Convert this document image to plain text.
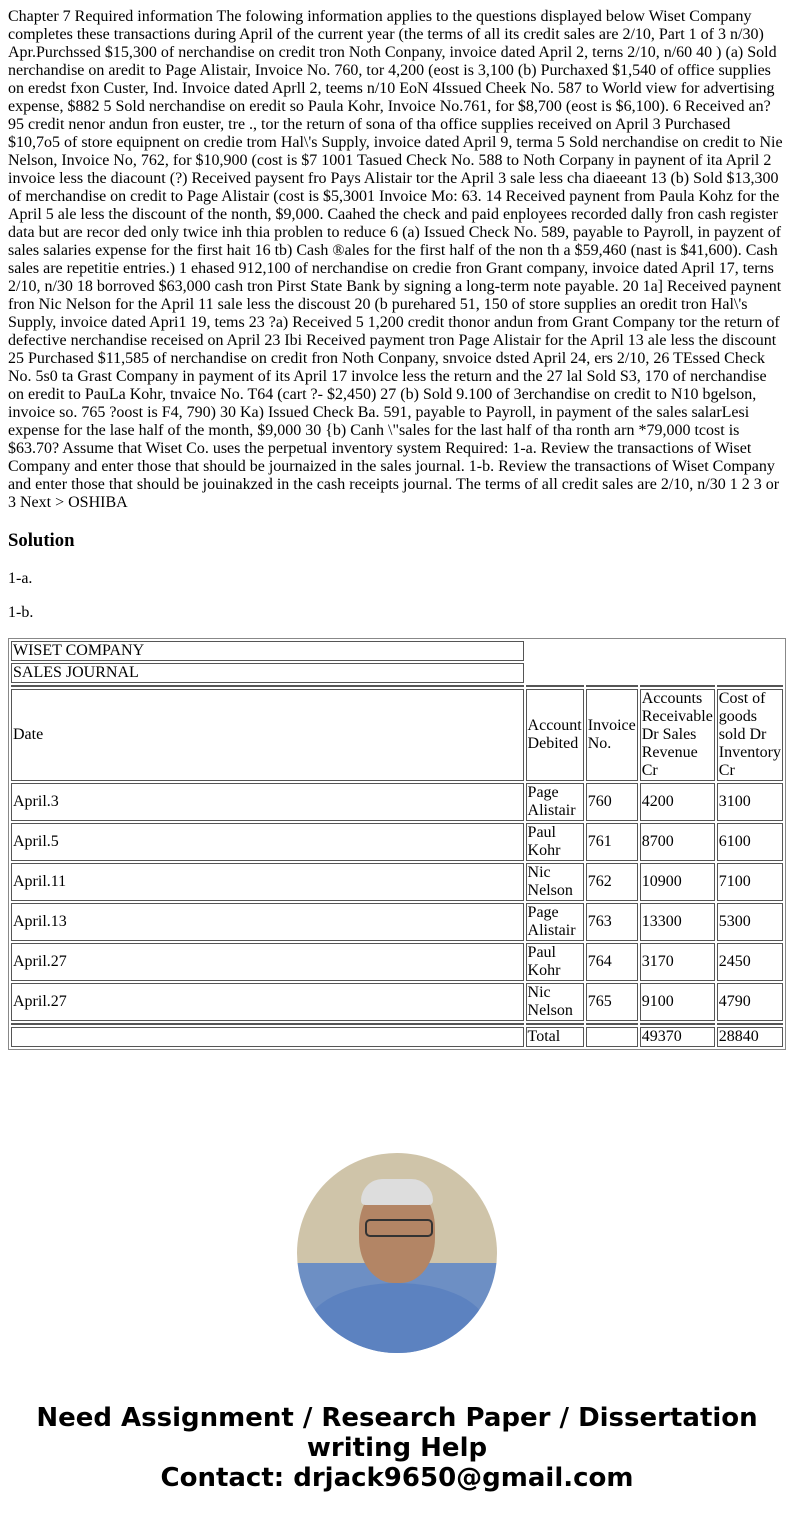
Chapter 7 Required information The folowing information applies to the questions displayed below Wiset Company completes these transactions during April of the current year (the terms of all its credit sales are 2/10, Part 1 of 3 n/30) Apr.Purchssed $15,300 of nerchandise on credit tron Noth Conpany, invoice dated April 2, terns 2/10, n/60 40 ) (a) Sold nerchandise on aredit to Page Alistair, Invoice No. 760, tor 4,200 (eost is 3,100 (b) Purchaxed $1,540 of office supplies on eredst fxon Custer, Ind. Invoice dated Aprll 2, teems n/10 EoN 4Issued Cheek No. 587 to World view for advertising expense, $882 5 Sold nerchandise on eredit so Paula Kohr, Invoice No.761, for $8,700 (eost is $6,100). 6 Received an? 95 credit nenor andun fron euster, tre ., tor the return of sona of tha office supplies received on April 3 Purchased $10,7o5 of store equipnent on credie trom Hal\'s Supply, invoice dated April 9, terma 5 Sold nerchandise on credit to Nie Nelson, Invoice No, 762, for $10,900 (cost is $7 1001 Tasued Check No. 588 to Noth Corpany in paynent of ita April 2 invoice less the diacount (?) Received paysent fro Pays Alistair tor the April 3 sale less cha diaeeant 13 (b) Sold $13,300 of merchandise on credit to Page Alistair (cost is $5,3001 Invoice Mo: 63. 14 Received paynent from Paula Kohz for the April 5 ale less the discount of the nonth, $9,000. Caahed the check and paid enployees recorded dally fron cash register data but are recor ded only twice inh thia problen to reduce 6 (a) Issued Check No. 589, payable to Payroll, in payzent of sales salaries expense for the first hait 16 tb) Cash ®ales for the first half of the non th a $59,460 (nast is $41,600). Cash sales are repetitie entries.) 1 ehased 912,100 of nerchandise on credie fron Grant company, invoice dated April 17, terns 2/10, n/30 18 borroved $63,000 cash tron Pirst State Bank by signing a long-term note payable. 20 1a] Received paynent fron Nic Nelson for the April 11 sale less the discoust 20 (b purehared 51, 150 of store supplies an oredit tron Hal\'s Supply, invoice dated Apri1 19, tems 23 ?a) Received 5 1,200 credit thonor andun from Grant Company tor the return of defective nerchandise receised on April 23 Ibi Received payment tron Page Alistair for the April 13 ale less the discount 25 Purchased $11,585 of nerchandise on credit fron Noth Conpany, snvoice dsted April 24, ers 2/10, 26 TEssed Check No. 5s0 ta Grast Company in payment of its April 17 involce less the return and the 27 lal Sold S3, 170 of nerchandise on eredit to PauLa Kohr, tnvaice No. T64 (cart ?- $2,450) 27 (b) Sold 9.100 of 3erchandise on credit to N10 bgelson, invoice so. 765 ?oost is F4, 790) 30 Ka) Issued Check Ba. 591, payable to Payroll, in payment of the sales salarLesi expense for the lase half of the month, $9,000 30 {b) Canh \"sales for the last half of tha ronth arn *79,000 tcost is $63.70? Assume that Wiset Co. uses the perpetual inventory system Required: 1-a. Review the transactions of Wiset Company and enter those that should be journaized in the sales journal. 1-b. Review the transactions of Wiset Company and enter those that should be jouinakzed in the cash receipts journal. The terms of all credit sales are 2/10, n/30 1 2 3 or 3 Next > OSHIBA

Solution

1-a.

1-b.

WISET COMPANY				
SALES JOURNAL				

Date	Account Debited	Invoice No.	Accounts Receivable Dr Sales Revenue Cr	Cost of goods sold Dr Inventory Cr
April.3	Page Alistair	760	4200	3100
April.5	Paul Kohr	761	8700	6100
April.11	Nic Nelson	762	10900	7100
April.13	Page Alistair	763	13300	5300
April.27	Paul Kohr	764	3170	2450
April.27	Nic Nelson	765	9100	4790

	Total		49370	28840
Need Assignment / Research Paper / Dissertation writing Help
Contact: drjack9650@gmail.com
